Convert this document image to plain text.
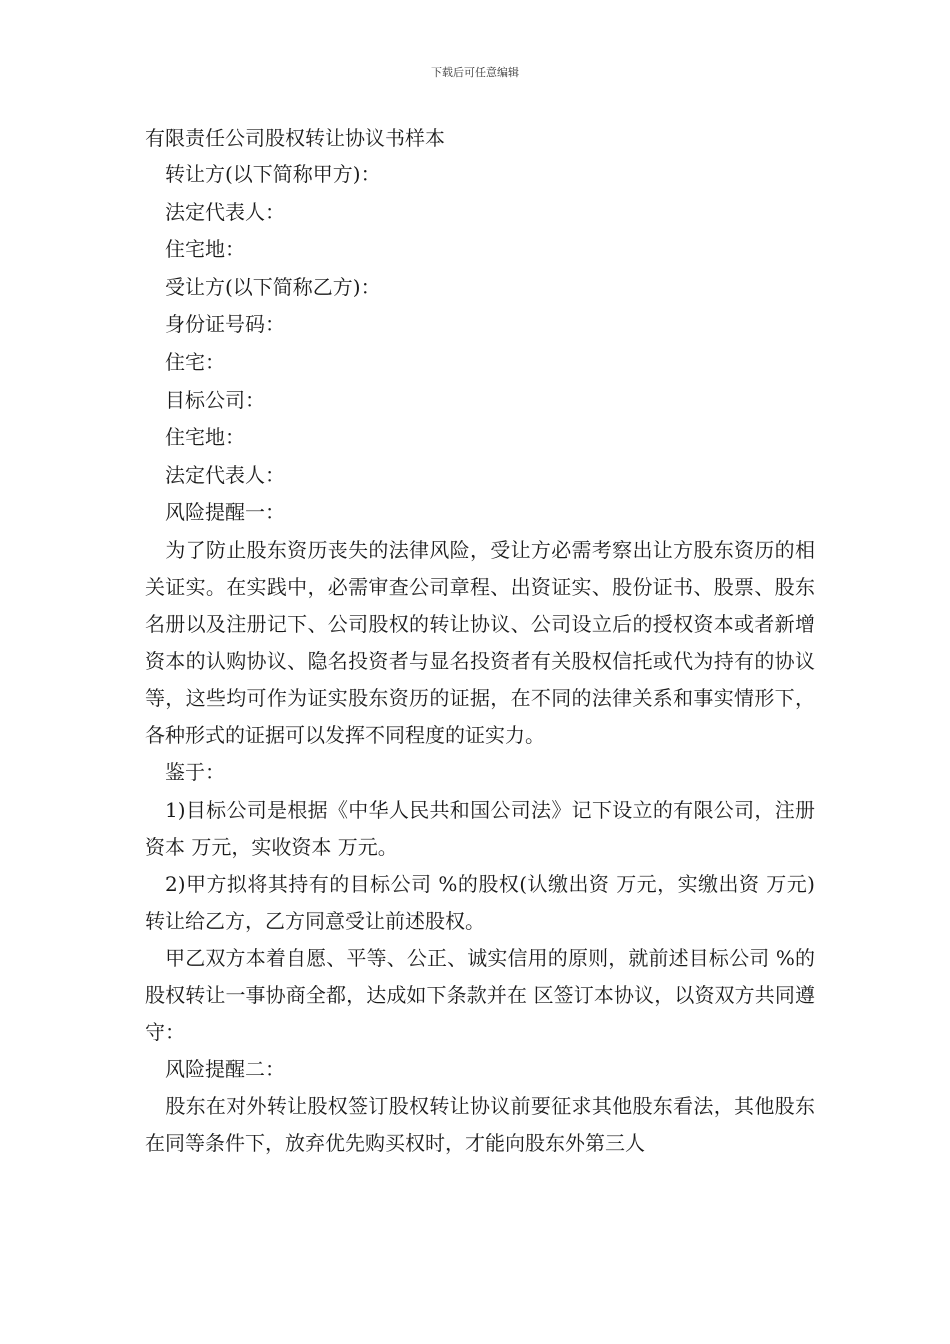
下载后可任意编辑
有限责任公司股权转让协议书样本
转让方(以下简称甲方)：
法定代表人：
住宅地：
受让方(以下简称乙方)：
身份证号码：
住宅：
目标公司：
住宅地：
法定代表人：
风险提醒一：

 为了防止股东资历丧失的法律风险，受让方必需考察出让方股东资历的相关证实。在实践中，必需审查公司章程、出资证实、股份证书、股票、股东名册以及注册记下、公司股权的转让协议、公司设立后的授权资本或者新增资本的认购协议、隐名投资者与显名投资者有关股权信托或代为持有的协议等，这些均可作为证实股东资历的证据，在不同的法律关系和事实情形下，各种形式的证据可以发挥不同程度的证实力。

鉴于：

  1)目标公司是根据《中华人民共和国公司法》记下设立的有限公司，注册资本 万元，实收资本 万元。

  2)甲方拟将其持有的目标公司 %的股权(认缴出资 万元，实缴出资 万元)转让给乙方，乙方同意受让前述股权。

 甲乙双方本着自愿、平等、公正、诚实信用的原则，就前述目标公司 %的股权转让一事协商全都，达成如下条款并在 区签订本协议，以资双方共同遵守：

风险提醒二：

 股东在对外转让股权签订股权转让协议前要征求其他股东看法，其他股东在同等条件下，放弃优先购买权时，才能向股东外第三人
